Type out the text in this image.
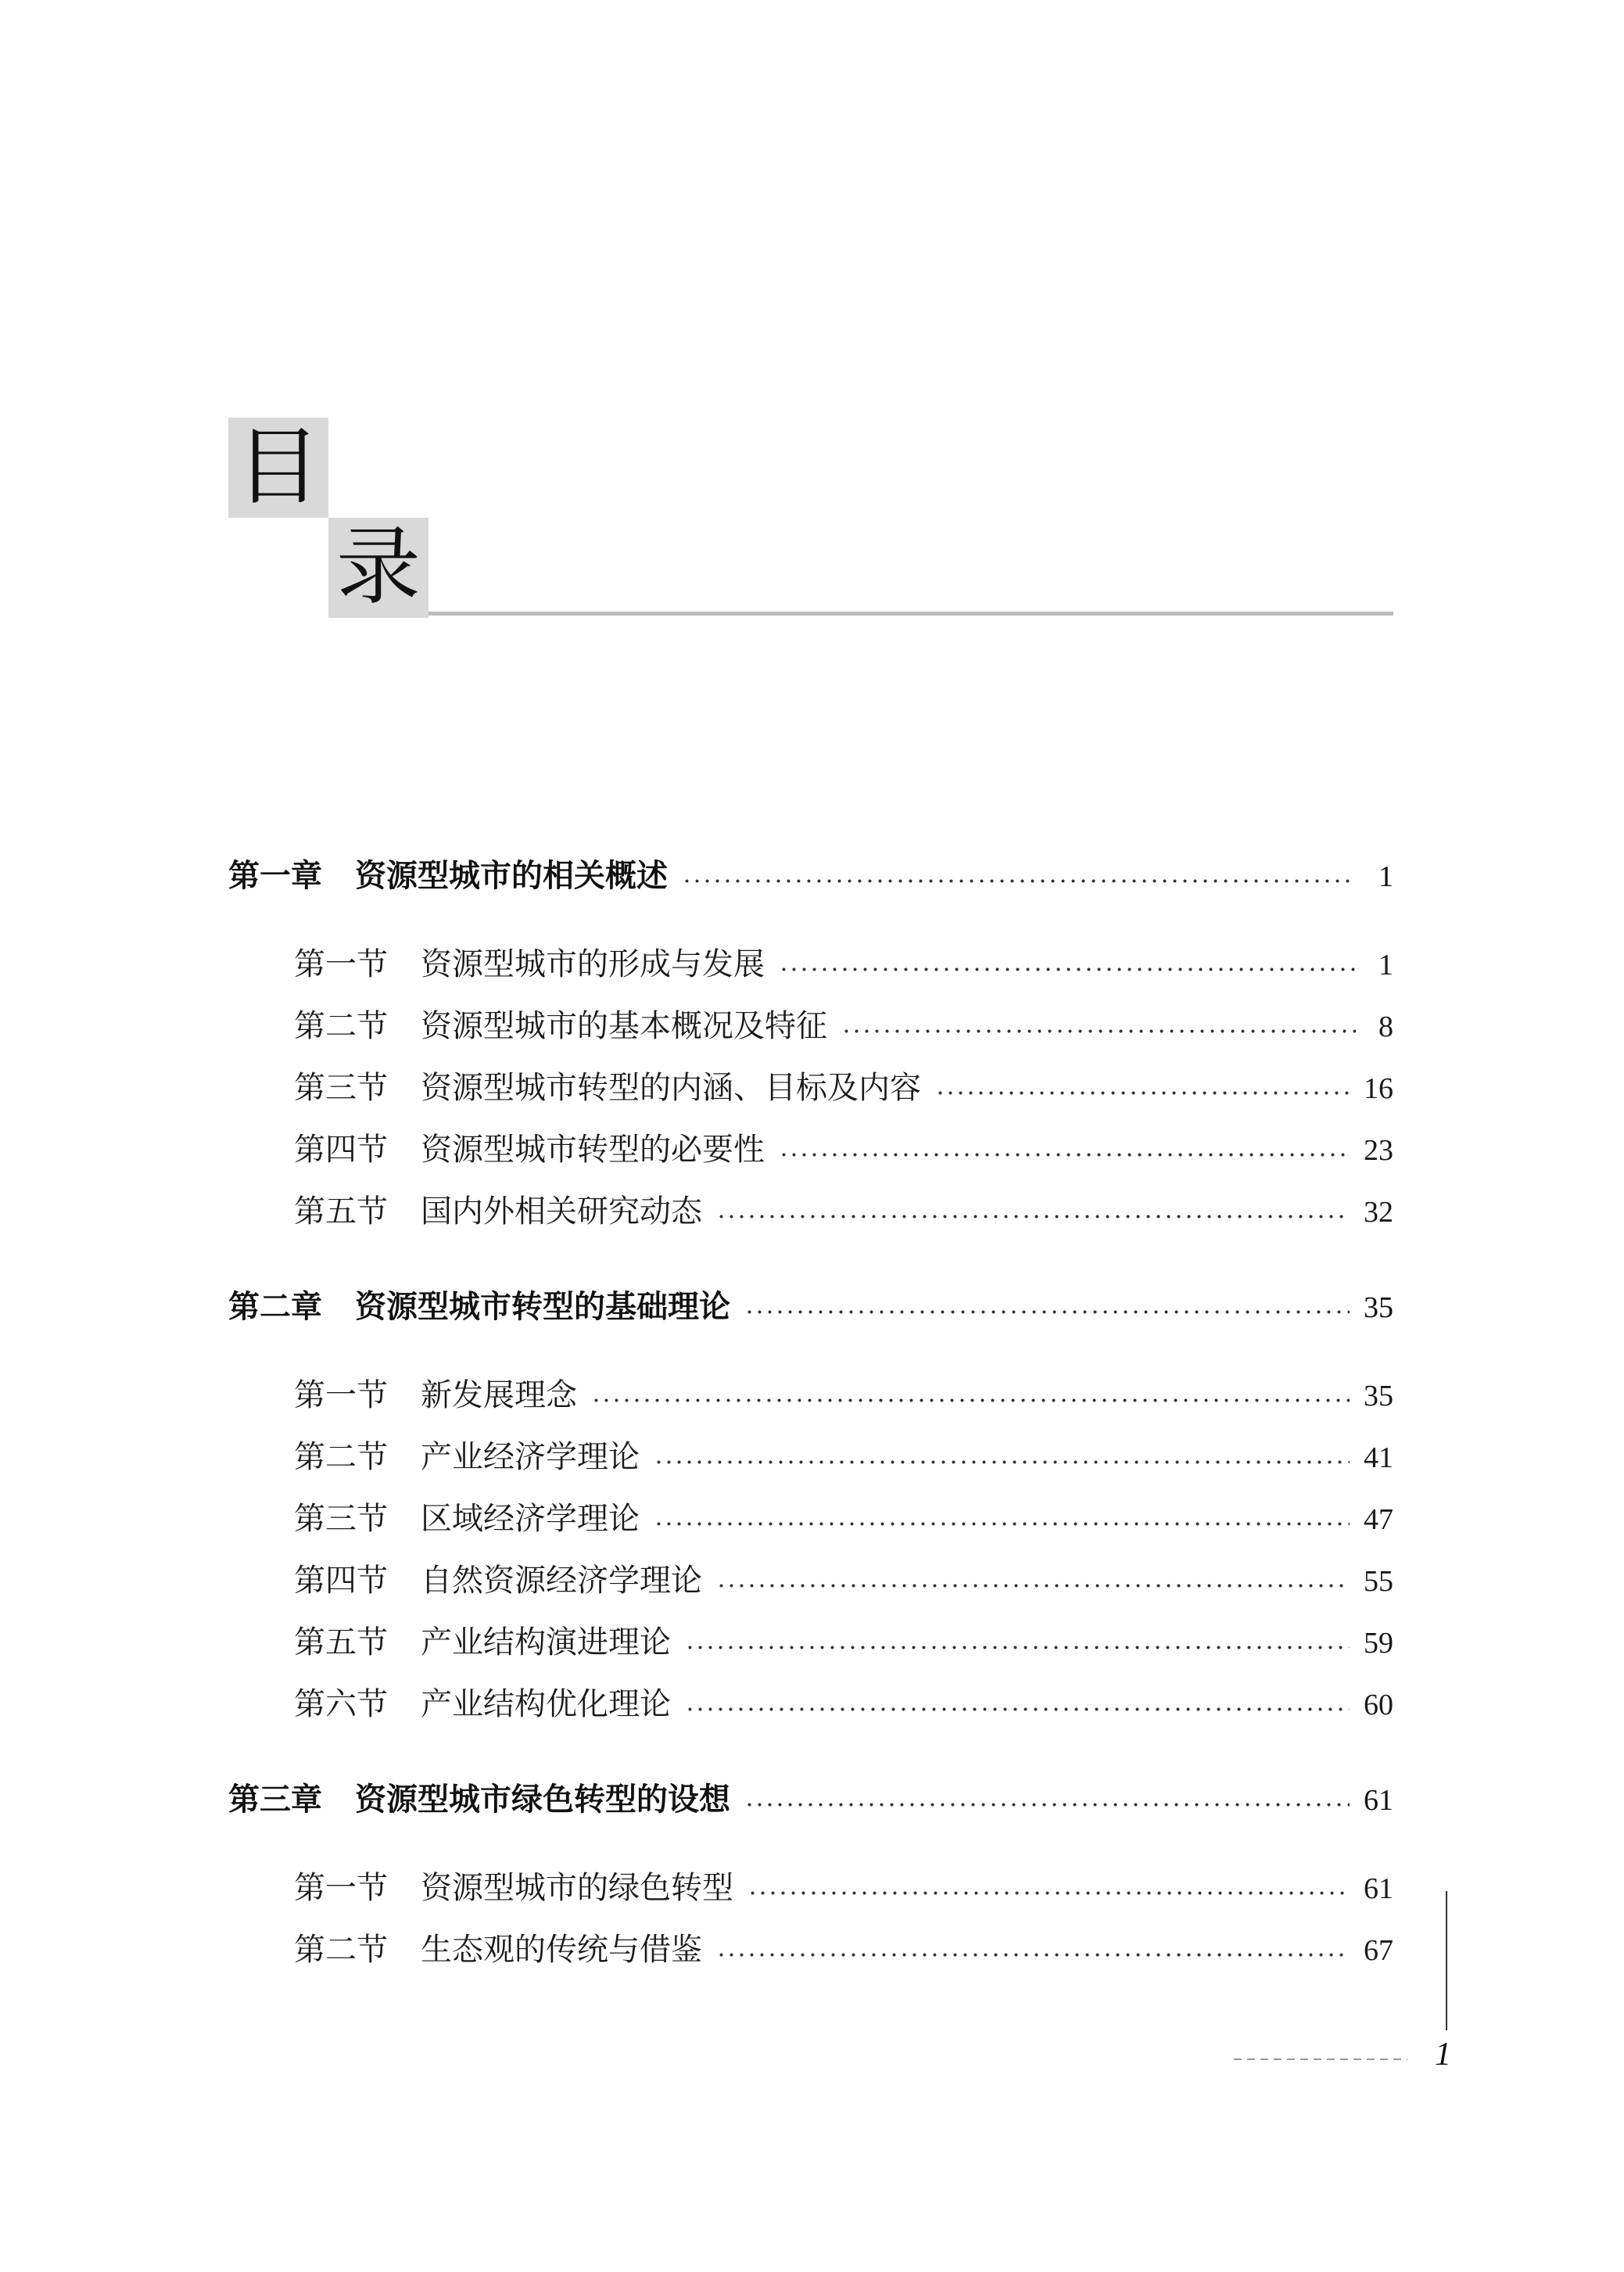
目
录
第一章 资源型城市的相关概述	1
第一节 资源型城市的形成与发展	1
第二节 资源型城市的基本概况及特征	8
第三节 资源型城市转型的内涵、目标及内容	16
第四节 资源型城市转型的必要性	23
第五节 国内外相关研究动态	32
第二章 资源型城市转型的基础理论	35
第一节 新发展理念	35
第二节 产业经济学理论	41
第三节 区域经济学理论	47
第四节 自然资源经济学理论	55
第五节 产业结构演进理论	59
第六节 产业结构优化理论	60
第三章 资源型城市绿色转型的设想	61
第一节 资源型城市的绿色转型	61
第二节 生态观的传统与借鉴	67
1
